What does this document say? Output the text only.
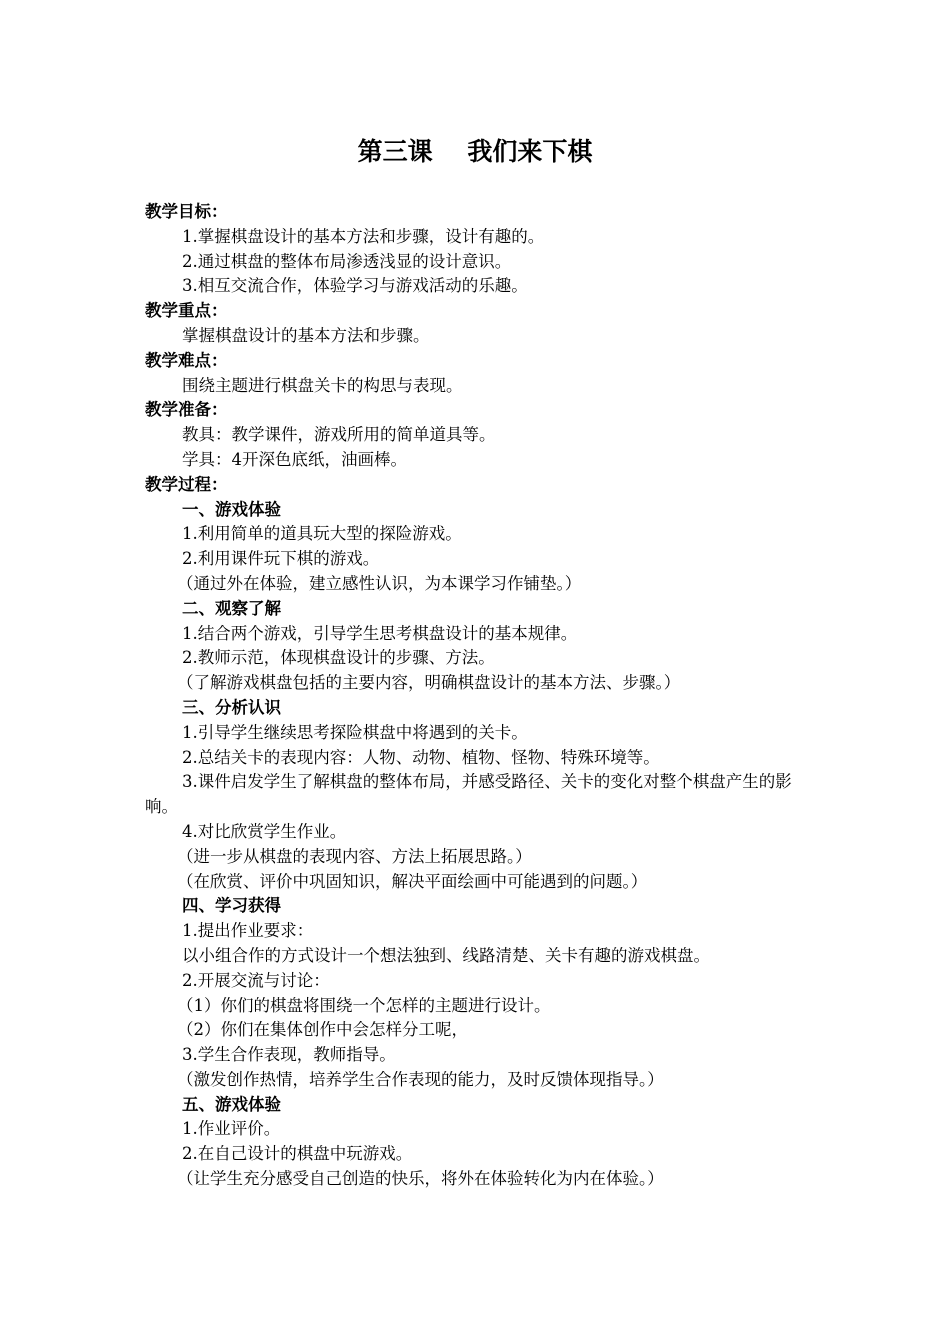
第三课    我们来下棋
教学目标：
1.掌握棋盘设计的基本方法和步骤，设计有趣的。
2.通过棋盘的整体布局渗透浅显的设计意识。
3.相互交流合作，体验学习与游戏活动的乐趣。
教学重点：
掌握棋盘设计的基本方法和步骤。
教学难点：
围绕主题进行棋盘关卡的构思与表现。
教学准备：
教具：教学课件，游戏所用的简单道具等。
学具：4开深色底纸，油画棒。
教学过程：
一、游戏体验
1.利用简单的道具玩大型的探险游戏。
2.利用课件玩下棋的游戏。
（通过外在体验，建立感性认识，为本课学习作铺垫。）
二、观察了解
1.结合两个游戏，引导学生思考棋盘设计的基本规律。
2.教师示范，体现棋盘设计的步骤、方法。
（了解游戏棋盘包括的主要内容，明确棋盘设计的基本方法、步骤。）
三、分析认识
1.引导学生继续思考探险棋盘中将遇到的关卡。
2.总结关卡的表现内容：人物、动物、植物、怪物、特殊环境等。
3.课件启发学生了解棋盘的整体布局，并感受路径、关卡的变化对整个棋盘产生的影响。
4.对比欣赏学生作业。
（进一步从棋盘的表现内容、方法上拓展思路。）
（在欣赏、评价中巩固知识，解决平面绘画中可能遇到的问题。）
四、学习获得
1.提出作业要求：
以小组合作的方式设计一个想法独到、线路清楚、关卡有趣的游戏棋盘。
2.开展交流与讨论：
（1）你们的棋盘将围绕一个怎样的主题进行设计。
（2）你们在集体创作中会怎样分工呢，
3.学生合作表现，教师指导。
（激发创作热情，培养学生合作表现的能力，及时反馈体现指导。）
五、游戏体验
1.作业评价。
2.在自己设计的棋盘中玩游戏。
（让学生充分感受自己创造的快乐，将外在体验转化为内在体验。）
